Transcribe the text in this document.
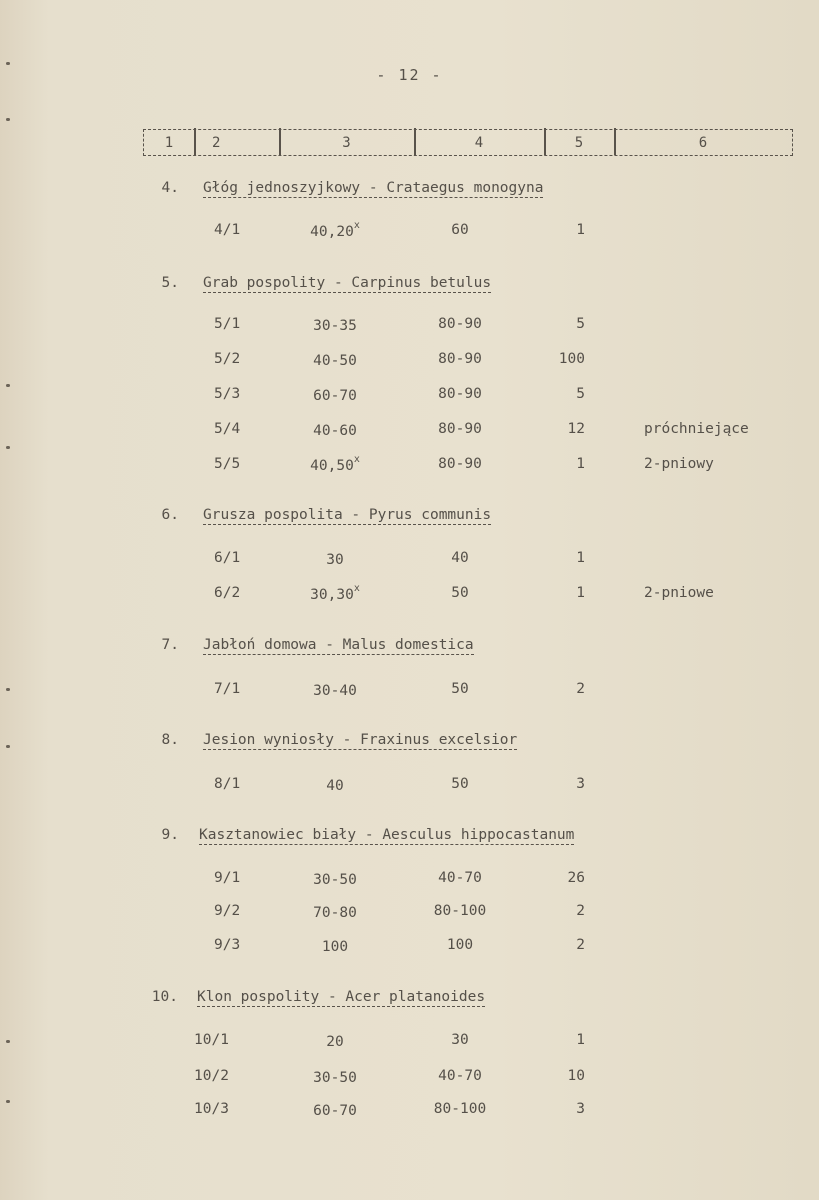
- 12 -
1	2	3	4	5	6
4. Głóg jednoszyjkowy - Crataegus monogyna
4/1	40,20$^x$	60	1
5. Grab pospolity - Carpinus betulus
5/1	30-35	80-90	5
5/2	40-50	80-90	100
5/3	60-70	80-90	5
5/4	40-60	80-90	12	próchniejące
5/5	40,50$^x$	80-90	1	2-pniowy
6. Grusza pospolita - Pyrus communis
6/1	30	40	1
6/2	30,30$^x$	50	1	2-pniowe
7. Jabłoń domowa - Malus domestica
7/1	30-40	50	2
8. Jesion wyniosły - Fraxinus excelsior
8/1	40	50	3
9. Kasztanowiec biały - Aesculus hippocastanum
9/1	30-50	40-70	26
9/2	70-80	80-100	2
9/3	100	100	2
10. Klon pospolity - Acer platanoides
10/1	20	30	1
10/2	30-50	40-70	10
10/3	60-70	80-100	3
